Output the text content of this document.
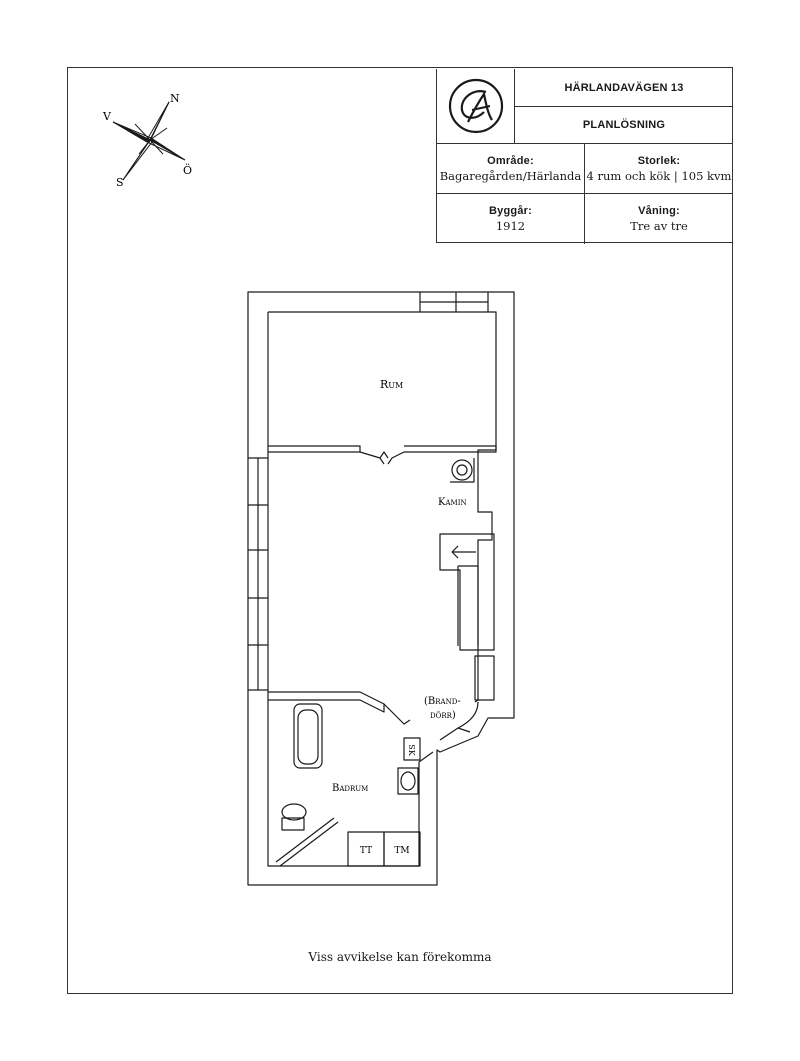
HÄRLANDAVÄGEN 13
PLANLÖSNING
Område:
Bagaregården/Härlanda
Storlek:
4 rum och kök | 105 kvm
Byggår:
1912
Våning:
Tre av tre
N
V
S
Ö
Rum
Kamin
(Brand-
dörr)
Badrum
SK
TT TM
Viss avvikelse kan förekomma
